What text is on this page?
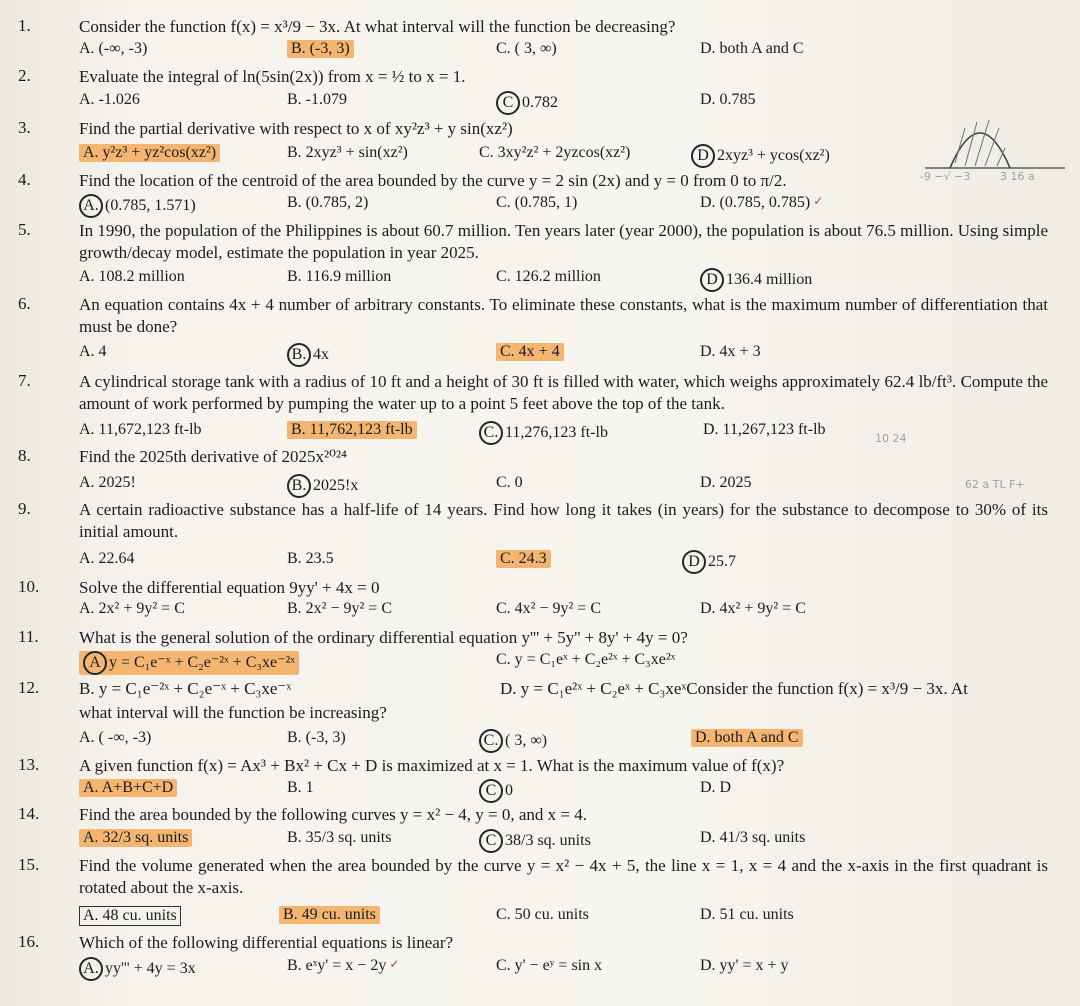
1.	Consider the function f(x) = x³/9 − 3x. At what interval will the function be decreasing?
A. (-∞, -3)	B. (-3, 3)	C. ( 3, ∞)	D. both A and C
2.	Evaluate the integral of ln(5sin(2x)) from x = ½ to x = 1.
A. -1.026	B. -1.079	C 0.782	D. 0.785
3.	Find the partial derivative with respect to x of xy²z³ + y sin(xz²)
A. y²z³ + yz²cos(xz²)	B. 2xyz³ + sin(xz²)	C. 3xy²z² + 2yzcos(xz²)	D 2xyz³ + ycos(xz²)
4.	Find the location of the centroid of the area bounded by the curve y = 2 sin (2x) and y = 0 from 0 to π/2.
A. (0.785, 1.571)	B. (0.785, 2)	C. (0.785, 1)	D. (0.785, 0.785) ✓
5.	In 1990, the population of the Philippines is about 60.7 million. Ten years later (year 2000), the population is about 76.5 million. Using simple growth/decay model, estimate the population in year 2025.
A. 108.2 million	B. 116.9 million	C. 126.2 million	D 136.4 million
6.	An equation contains 4x + 4 number of arbitrary constants. To eliminate these constants, what is the maximum number of differentiation that must be done?
A. 4	B. 4x	C. 4x + 4	D. 4x + 3
7.	A cylindrical storage tank with a radius of 10 ft and a height of 30 ft is filled with water, which weighs approximately 62.4 lb/ft³. Compute the amount of work performed by pumping the water up to a point 5 feet above the top of the tank.
A. 11,672,123 ft-lb	B. 11,762,123 ft-lb	C. 11,276,123 ft-lb	D. 11,267,123 ft-lb
8.	Find the 2025th derivative of 2025x²⁰²⁴
A. 2025!	B. 2025!x	C. 0	D. 2025
9.	A certain radioactive substance has a half-life of 14 years. Find how long it takes (in years) for the substance to decompose to 30% of its initial amount.
A. 22.64	B. 23.5	C. 24.3	D 25.7
10. Solve the differential equation 9yy' + 4x = 0
A. 2x² + 9y² = C	B. 2x² − 9y² = C	C. 4x² − 9y² = C	D. 4x² + 9y² = C
11. What is the general solution of the ordinary differential equation y''' + 5y'' + 8y' + 4y = 0?
A y = C₁e⁻ˣ + C₂e⁻²ˣ + C₃xe⁻²ˣ	C. y = C₁eˣ + C₂e²ˣ + C₃xe²ˣ
12. B. y = C₁e⁻²ˣ + C₂e⁻ˣ + C₃xe⁻ˣ	D. y = C₁e²ˣ + C₂eˣ + C₃xeˣConsider the function f(x) = x³/9 − 3x. At
what interval will the function be increasing?
A. ( -∞, -3)	B. (-3, 3)	C. ( 3, ∞)	D. both A and C
13. A given function f(x) = Ax³ + Bx² + Cx + D is maximized at x = 1. What is the maximum value of f(x)?
A. A+B+C+D	B. 1	C 0	D. D
14. Find the area bounded by the following curves y = x² − 4, y = 0, and x = 4.
A. 32/3 sq. units	B. 35/3 sq. units	C 38/3 sq. units	D. 41/3 sq. units
15. Find the volume generated when the area bounded by the curve y = x² − 4x + 5, the line x = 1, x = 4 and the x-axis in the first quadrant is rotated about the x-axis.
A. 48 cu. units	B. 49 cu. units	C. 50 cu. units	D. 51 cu. units
16. Which of the following differential equations is linear?
A. yy''' + 4y = 3x	B. eˣy' = x − 2y ✓	C. y' − eʸ = sin x	D. yy' = x + y
-9 −√ −3	3 16 a
62 a TL F+
10 24
